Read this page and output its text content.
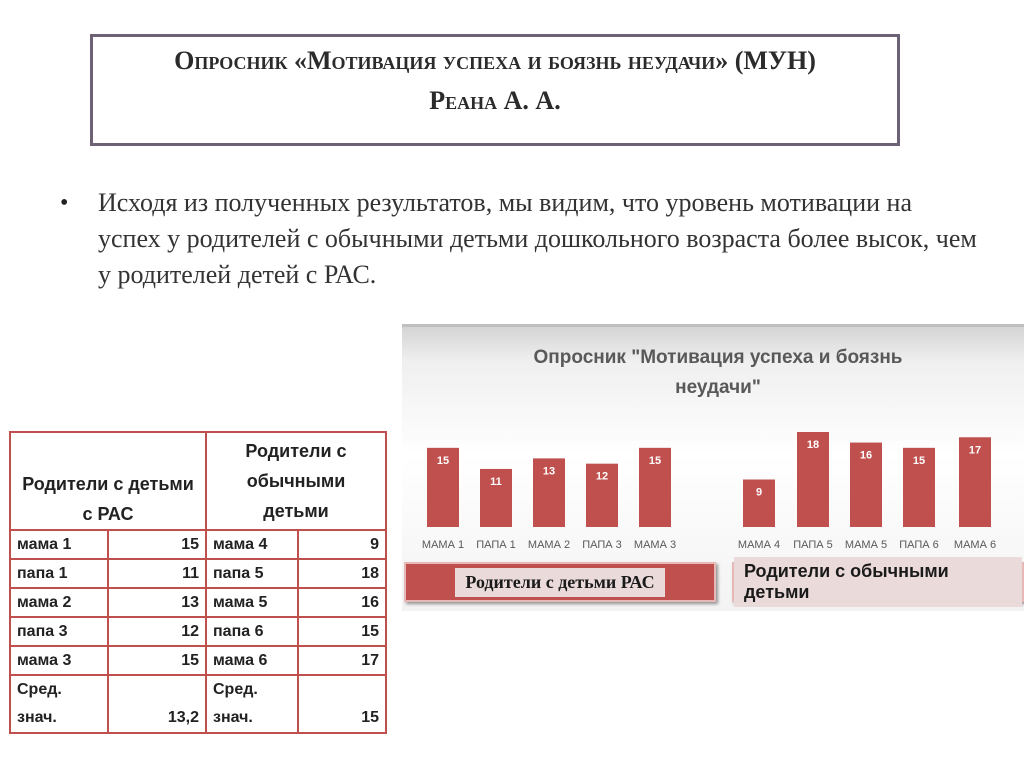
Опросник «Мотивация успеха и боязнь неудачи» (МУН)
Реана А. А.
• Исходя из полученных результатов, мы видим, что уровень мотивации на успех у родителей с обычными детьми дошкольного возраста более высок, чем у родителей детей с РАС.
Опросник "Мотивация успеха и боязнь
неудачи"
МАМА 1
15
ПАПА 1
11
МАМА 2
13
ПАПА 3
12
МАМА 3
15
МАМА 4
9
ПАПА 5
18
МАМА 5
16
ПАПА 6
15
МАМА 6
17
Родители с детьми РАС
Родители с обычными детьми
Родители с детьми с РАС		Родители с обычными детьми	
мама 1	15	мама 4	9
папа 1	11	папа 5	18
мама 2	13	мама 5	16
папа 3	12	папа 6	15
мама 3	15	мама 6	17
Сред. знач.	13,2	Сред. знач.	15
